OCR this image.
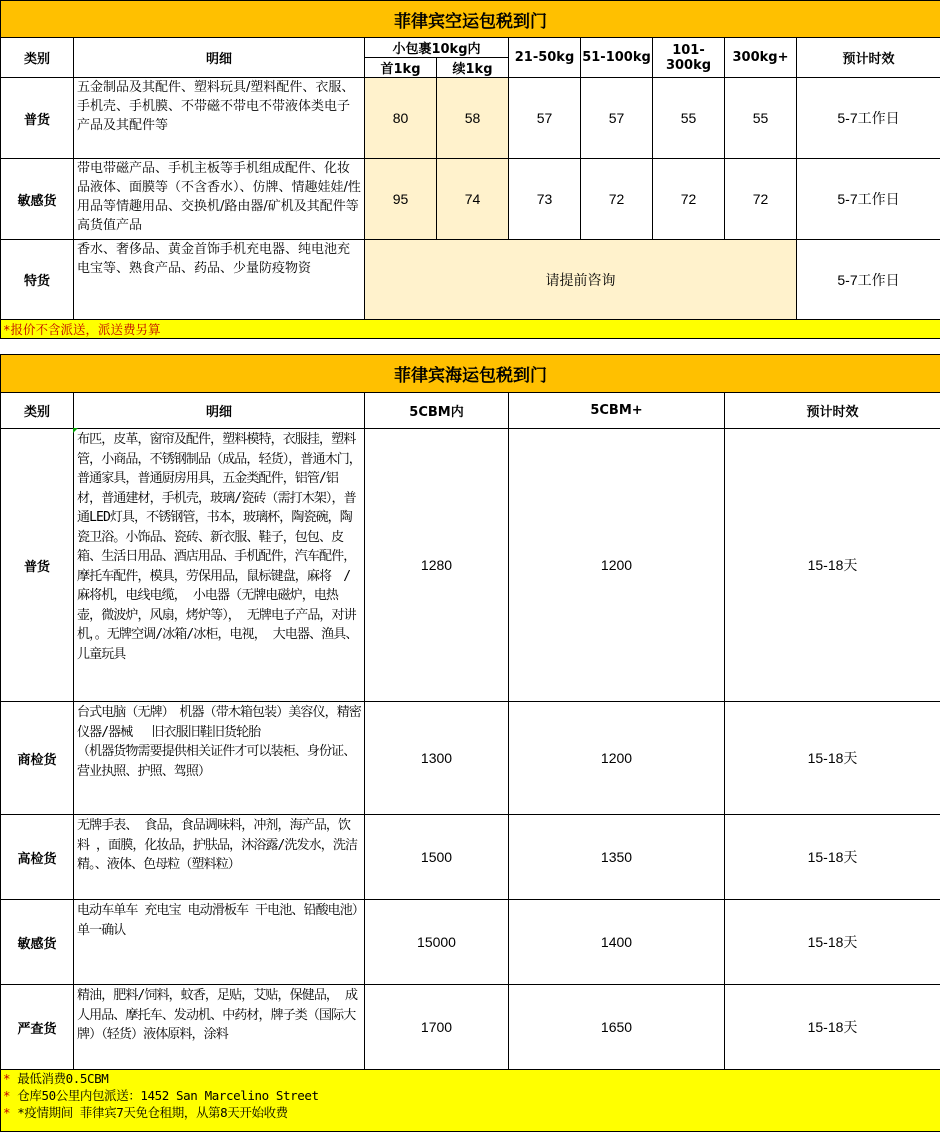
菲律宾空运包税到门								
类别	明细	小包裹10kg内		21-50kg	51-100kg	101-300kg	300kg+	预计时效
		首1kg	续1kg					
普货	五金制品及其配件、塑料玩具/塑料配件、衣服、手机壳、手机膜、不带磁不带电不带液体类电子产品及其配件等	80	58	57	57	55	55	5-7工作日
敏感货	带电带磁产品、手机主板等手机组成配件、化妆品液体、面膜等（不含香水）、仿牌、情趣娃娃/性用品等情趣用品、交换机/路由器/矿机及其配件等高货值产品	95	74	73	72	72	72	5-7工作日
特货	香水、奢侈品、黄金首饰手机充电器、纯电池充电宝等、熟食产品、药品、少量防疫物资	请提前咨询						5-7工作日
*报价不含派送，派送费另算								
菲律宾海运包税到门				
类别	明细	5CBM内	5CBM+	预计时效
普货	布匹，皮革，窗帘及配件，塑料模特，衣服挂，塑料管，小商品，不锈钢制品（成品，轻货），普通木门，普通家具，普通厨房用具，五金类配件，铝管/铝材，普通建材，手机壳，玻璃/瓷砖（需打木架），普通LED灯具，不锈钢管，书本，玻璃杯，陶瓷碗，陶瓷卫浴。小饰品、瓷砖、新衣服、鞋子，包包、皮箱、生活日用品、酒店用品、手机配件，汽车配件，摩托车配件，模具，劳保用品，鼠标键盘，麻将　/麻将机，电线电缆， 小电器（无牌电磁炉，电热壶，微波炉，风扇，烤炉等）， 无牌电子产品，对讲机，。无牌空调/冰箱/冰柜，电视， 大电器、渔具、儿童玩具	1280	1200	15-18天
商检货	台式电脑（无牌）　机器（带木箱包装）美容仪，精密仪器/器械　 旧衣服旧鞋旧货轮胎
（机器货物需要提供相关证件才可以装柜、身份证、营业执照、护照、驾照）	1300	1200	15-18天
高检货	无牌手表、 食品，食品调味料，冲剂，海产品，饮料 ，面膜，化妆品，护肤品，沐浴露/洗发水，洗洁精。、液体、色母粒（塑料粒）	1500	1350	15-18天
敏感货	电动车单车 充电宝 电动滑板车 干电池、铅酸电池）单一确认	15000	1400	15-18天
严查货	精油，肥料/饲料，蚊香，足贴，艾贴，保健品， 成人用品、摩托车、发动机、中药材，牌子类（国际大牌）（轻货）液体原料，涂料	1700	1650	15-18天

* 最低消费0.5CBM
* 仓库50公里内包派送：1452 San Marcelino Street
* *疫情期间 菲律宾7天免仓租期，从第8天开始收费				
